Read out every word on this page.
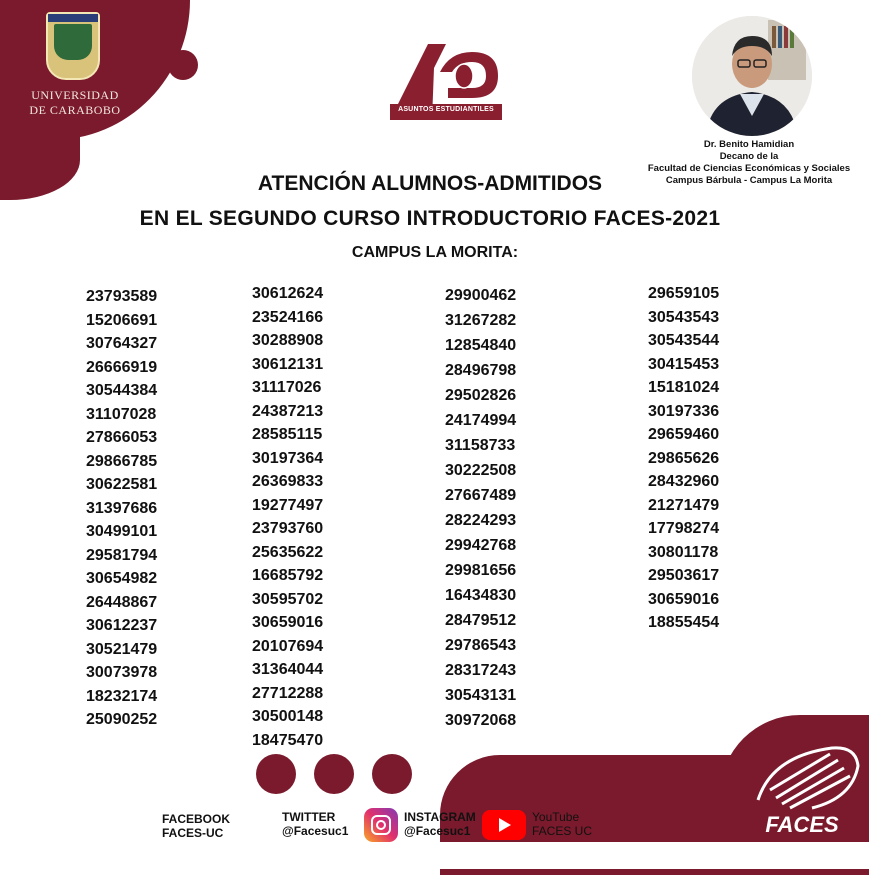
UNIVERSIDAD
DE CARABOBO	ASUNTOS ESTUDIANTILES
Dr. Benito Hamidian
Decano de la
Facultad de Ciencias Económicas y Sociales
Campus Bárbula - Campus La Morita
ATENCIÓN ALUMNOS-ADMITIDOS
EN EL SEGUNDO CURSO INTRODUCTORIO FACES-2021
CAMPUS LA MORITA:
23793589
15206691
30764327
26666919
30544384
31107028
27866053
29866785
30622581
31397686
30499101
29581794
30654982
26448867
30612237
30521479
30073978
18232174
25090252
30612624
23524166
30288908
30612131
31117026
24387213
28585115
30197364
26369833
19277497
23793760
25635622
16685792
30595702
30659016
20107694
31364044
27712288
30500148
18475470
29900462
31267282
12854840
28496798
29502826
24174994
31158733
30222508
27667489
28224293
29942768
29981656
16434830
28479512
29786543
28317243
30543131
30972068
29659105
30543543
30543544
30415453
15181024
30197336
29659460
29865626
28432960
21271479
17798274
30801178
29503617
30659016
18855454
f	FACEBOOK
FACES-UC
TWITTER
@Facesuc1
INSTAGRAM
@Facesuc1
YouTube
FACES UC	FACES
